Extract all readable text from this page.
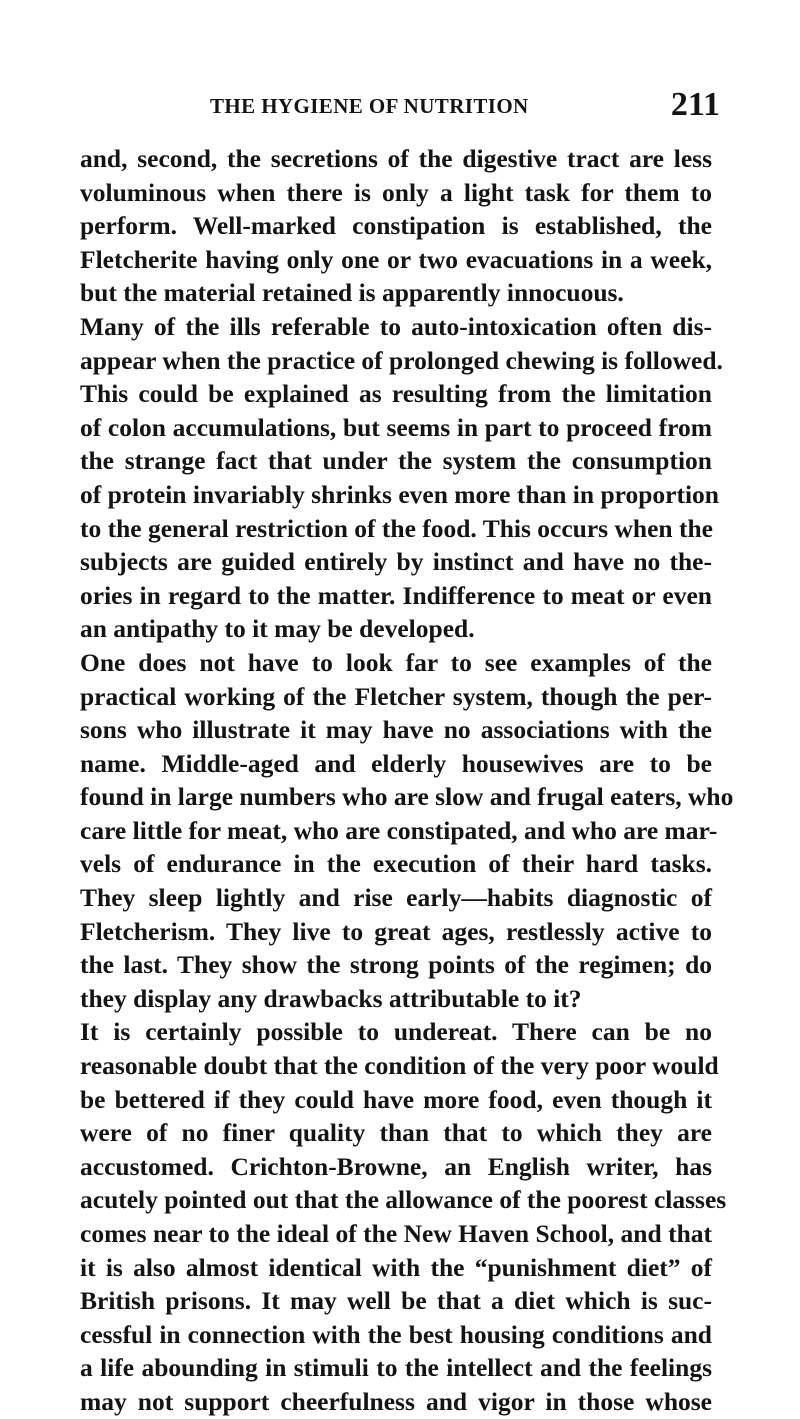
THE HYGIENE OF NUTRITION	211
and, second, the secretions of the digestive tract are less
voluminous when there is only a light task for them to
perform. Well-marked constipation is established, the
Fletcherite having only one or two evacuations in a week,
but the material retained is apparently innocuous.
Many of the ills referable to auto-intoxication often dis-
appear when the practice of prolonged chewing is followed.
This could be explained as resulting from the limitation
of colon accumulations, but seems in part to proceed from
the strange fact that under the system the consumption
of protein invariably shrinks even more than in proportion
to the general restriction of the food. This occurs when the
subjects are guided entirely by instinct and have no the-
ories in regard to the matter. Indifference to meat or even
an antipathy to it may be developed.
One does not have to look far to see examples of the
practical working of the Fletcher system, though the per-
sons who illustrate it may have no associations with the
name. Middle-aged and elderly housewives are to be
found in large numbers who are slow and frugal eaters, who
care little for meat, who are constipated, and who are mar-
vels of endurance in the execution of their hard tasks.
They sleep lightly and rise early—habits diagnostic of
Fletcherism. They live to great ages, restlessly active to
the last. They show the strong points of the regimen; do
they display any drawbacks attributable to it?
It is certainly possible to undereat. There can be no
reasonable doubt that the condition of the very poor would
be bettered if they could have more food, even though it
were of no finer quality than that to which they are
accustomed. Crichton-Browne, an English writer, has
acutely pointed out that the allowance of the poorest classes
comes near to the ideal of the New Haven School, and that
it is also almost identical with the “punishment diet” of
British prisons. It may well be that a diet which is suc-
cessful in connection with the best housing conditions and
a life abounding in stimuli to the intellect and the feelings
may not support cheerfulness and vigor in those whose
